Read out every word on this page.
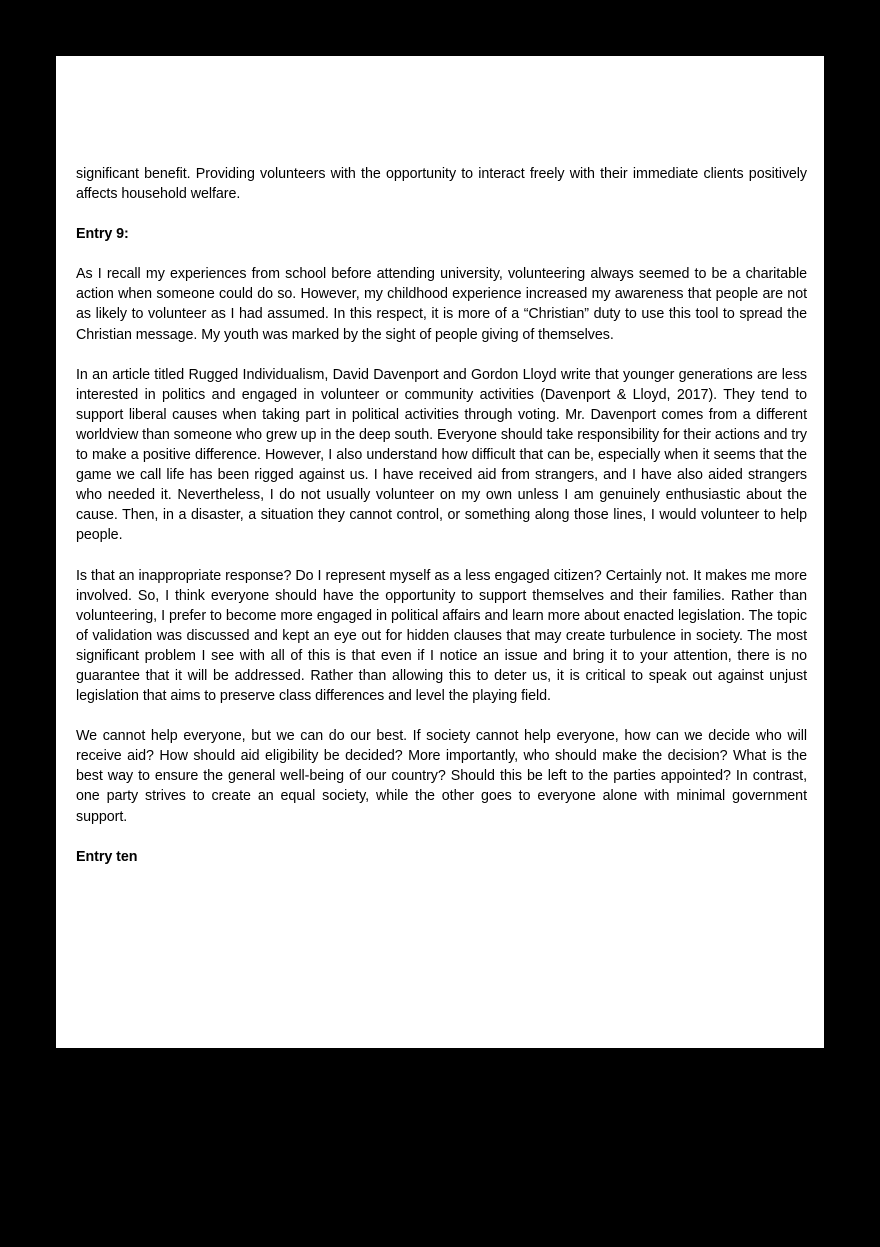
significant benefit. Providing volunteers with the opportunity to interact freely with their immediate clients positively affects household welfare.

Entry 9:

As I recall my experiences from school before attending university, volunteering always seemed to be a charitable action when someone could do so. However, my childhood experience increased my awareness that people are not as likely to volunteer as I had assumed. In this respect, it is more of a “Christian” duty to use this tool to spread the Christian message. My youth was marked by the sight of people giving of themselves.

In an article titled Rugged Individualism, David Davenport and Gordon Lloyd write that younger generations are less interested in politics and engaged in volunteer or community activities (Davenport & Lloyd, 2017). They tend to support liberal causes when taking part in political activities through voting. Mr. Davenport comes from a different worldview than someone who grew up in the deep south. Everyone should take responsibility for their actions and try to make a positive difference. However, I also understand how difficult that can be, especially when it seems that the game we call life has been rigged against us. I have received aid from strangers, and I have also aided strangers who needed it. Nevertheless, I do not usually volunteer on my own unless I am genuinely enthusiastic about the cause. Then, in a disaster, a situation they cannot control, or something along those lines, I would volunteer to help people.

Is that an inappropriate response? Do I represent myself as a less engaged citizen? Certainly not. It makes me more involved. So, I think everyone should have the opportunity to support themselves and their families. Rather than volunteering, I prefer to become more engaged in political affairs and learn more about enacted legislation. The topic of validation was discussed and kept an eye out for hidden clauses that may create turbulence in society. The most significant problem I see with all of this is that even if I notice an issue and bring it to your attention, there is no guarantee that it will be addressed. Rather than allowing this to deter us, it is critical to speak out against unjust legislation that aims to preserve class differences and level the playing field.

We cannot help everyone, but we can do our best. If society cannot help everyone, how can we decide who will receive aid? How should aid eligibility be decided? More importantly, who should make the decision? What is the best way to ensure the general well-being of our country? Should this be left to the parties appointed? In contrast, one party strives to create an equal society, while the other goes to everyone alone with minimal government support.

Entry ten
